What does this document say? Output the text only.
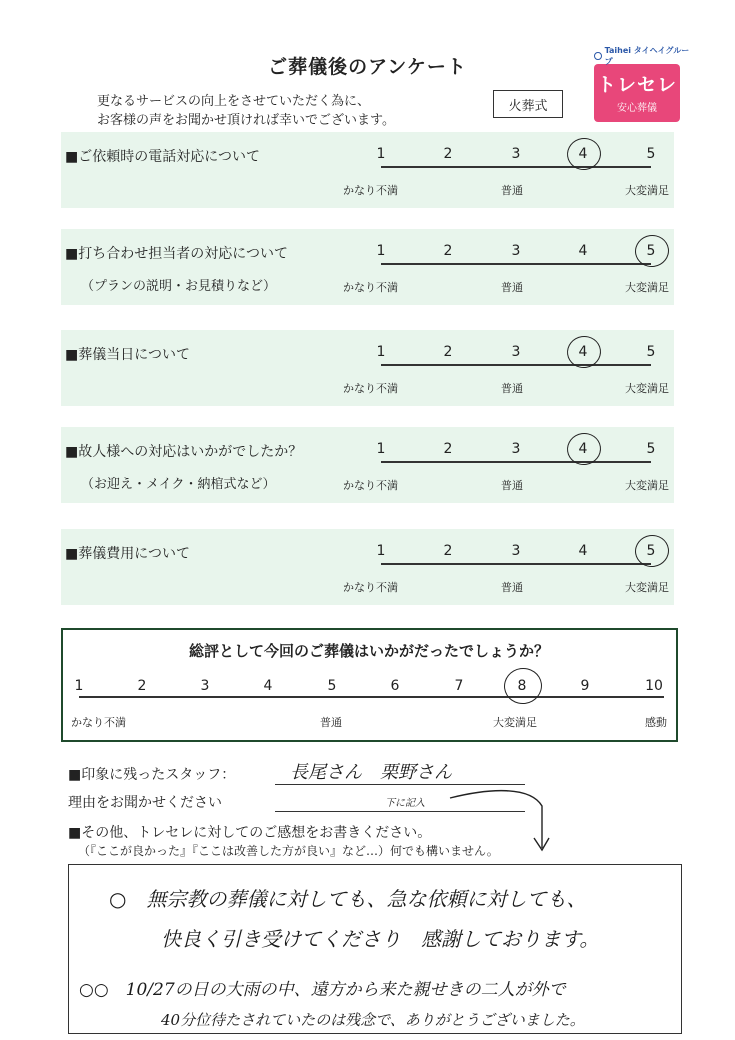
ご葬儀後のアンケート
更なるサービスの向上をさせていただく為に、
お客様の声をお聞かせ頂ければ幸いでございます。
火葬式
Taihei タイヘイグループ
トレセレ
安心葬儀
■ご依頼時の電話対応について	1	2	3	4	5
かなり不満	普通	大変満足
■打ち合わせ担当者の対応について
（プランの説明・お見積りなど）
1	2	3	4	5
かなり不満	普通	大変満足
■葬儀当日について	1	2	3	4	5
かなり不満	普通	大変満足
■故人様への対応はいかがでしたか？
（お迎え・メイク・納棺式など）
1	2	3	4	5
かなり不満	普通	大変満足
■葬儀費用について	1	2	3	4	5
かなり不満	普通	大変満足
総評として今回のご葬儀はいかがだったでしょうか？
1	2	3	4	5	6	7	8	9	10
かなり不満	普通	大変満足	感動
■印象に残ったスタッフ：	長尾さん　栗野さん
理由をお聞かせください	下に記入
■その他、トレセレに対してのご感想をお書きください。
（『ここが良かった』『ここは改善した方が良い』など…）何でも構いません。
○　無宗教の葬儀に対しても、急な依頼に対しても、
快良く引き受けてくださり　感謝しております。
○○　10/27の日の大雨の中、遠方から来た親せきの二人が外で
40分位待たされていたのは残念で、ありがとうございました。
